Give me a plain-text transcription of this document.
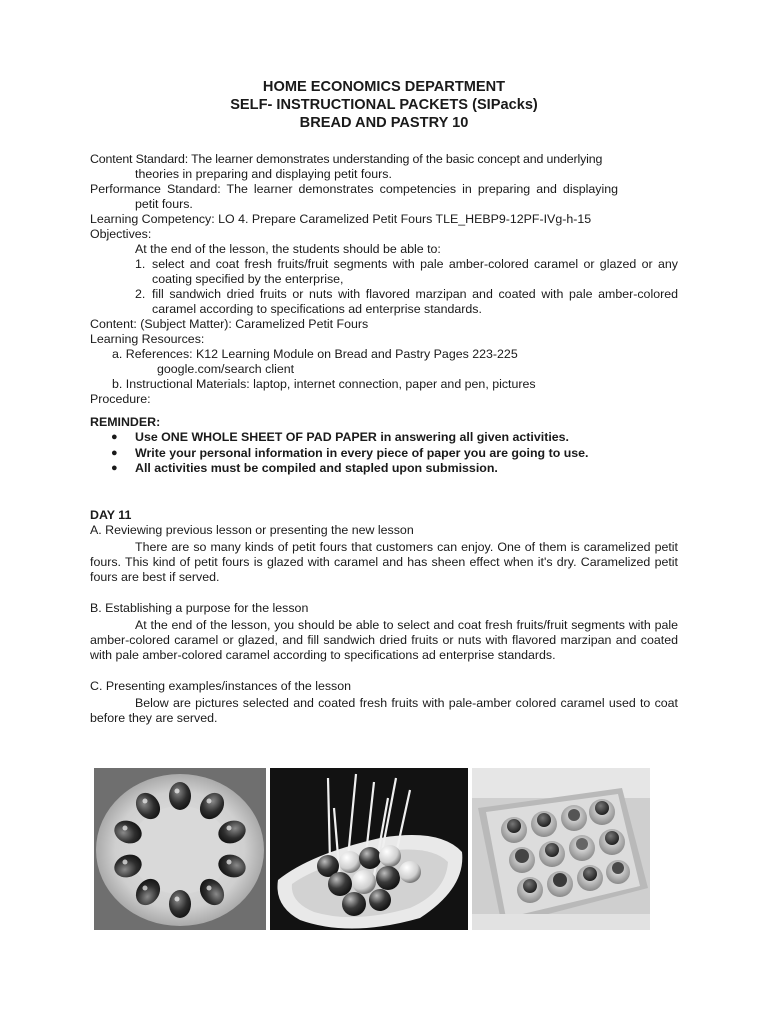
HOME ECONOMICS DEPARTMENT
SELF- INSTRUCTIONAL PACKETS (SIPacks)
BREAD AND PASTRY 10
Content Standard: The learner demonstrates understanding of the basic concept and underlying
theories in preparing and displaying petit fours.
Performance Standard: The learner demonstrates competencies in preparing and displaying
petit fours.
Learning Competency: LO 4. Prepare Caramelized Petit Fours TLE_HEBP9-12PF-IVg-h-15
Objectives:
At the end of the lesson, the students should be able to:
1. select and coat fresh fruits/fruit segments with pale amber-colored caramel or glazed or any coating specified by the enterprise,
2. fill sandwich dried fruits or nuts with flavored marzipan and coated with pale amber-colored caramel according to specifications ad enterprise standards.
Content: (Subject Matter): Caramelized Petit Fours
Learning Resources:
a. References: K12 Learning Module on Bread and Pastry Pages 223-225
google.com/search client
b. Instructional Materials: laptop, internet connection, paper and pen, pictures
Procedure:
REMINDER:
● Use ONE WHOLE SHEET OF PAD PAPER in answering all given activities.
● Write your personal information in every piece of paper you are going to use.
● All activities must be compiled and stapled upon submission.
DAY 11
A. Reviewing previous lesson or presenting the new lesson

There are so many kinds of petit fours that customers can enjoy. One of them is caramelized petit fours. This kind of petit fours is glazed with caramel and has sheen effect when it's dry. Caramelized petit fours are best if served.

B. Establishing a purpose for the lesson

At the end of the lesson, you should be able to select and coat fresh fruits/fruit segments with pale amber-colored caramel or glazed, and fill sandwich dried fruits or nuts with flavored marzipan and coated with pale amber-colored caramel according to specifications ad enterprise standards.

C. Presenting examples/instances of the lesson

Below are pictures selected and coated fresh fruits with pale-amber colored caramel used to coat before they are served.
